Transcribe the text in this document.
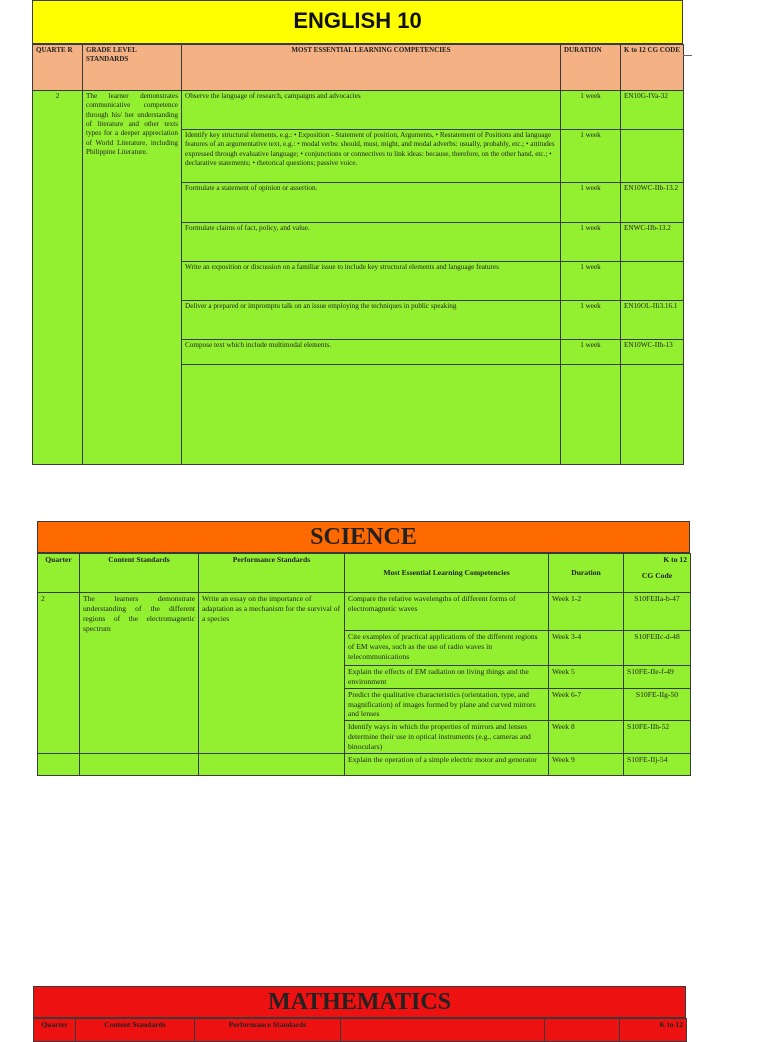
ENGLISH 10
QUARTE R	GRADE LEVEL STANDARDS	MOST ESSENTIAL LEARNING COMPETENCIES	DURATION	K to 12 CG CODE
2	The learner demonstrates communicative competence through his/ her understanding of literature and other texts types for a deeper appreciation of World Literature, including Philippine Literature.	Observe the language of research, campaigns and advocacies	1 week	EN10G-IVa-32
		Identify key structural elements, e.g.: • Exposition - Statement of position, Arguments, • Restatement of Positions and language features of an argumentative text, e.g.: • modal verbs: should, must, might, and modal adverbs: usually, probably, etc.; • attitudes expressed through evaluative language; • conjunctions or connectives to link ideas: because, therefore, on the other hand, etc.; • declarative statements; • rhetorical questions; passive voice.	1 week	
		Formulate a statement of opinion or assertion.	1 week	EN10WC-IIb-13.2
		Formulate claims of fact, policy, and value.	1 week	ENWC-IIb-13.2
		Write an exposition or discussion on a familiar issue to include key structural elements and language features	1 week	
		Deliver a prepared or impromptu talk on an issue employing the techniques in public speaking	1 week	EN10OL-IIi3.16.1
		Compose text which include multimodal elements.	1 week	EN10WC-IIh-13

SCIENCE
Quarter	Content Standards	Performance Standards	Most Essential Learning Competencies	Duration	K to 12
CG Code

2	The learners demonstrate understanding of the different regions of the electromagnetic spectrum	Write an essay on the importance of adaptation as a mechanism for the survival of a species	Compare the relative wavelengths of different forms of electromagnetic waves	Week 1-2	S10FEIIa-b-47
			Cite examples of practical applications of the different regions of EM waves, such as the use of radio waves in telecommunications	Week 3-4	S10FEIIc-d-48
			Explain the effects of EM radiation on living things and the environment	Week 5	S10FE-IIe-f-49
			Predict the qualitative characteristics (orientation, type, and magnification) of images formed by plane and curved mirrors and lenses	Week 6-7	S10FE-IIg-50
			Identify ways in which the properties of mirrors and lenses determine their use in optical instruments (e.g., cameras and binoculars)	Week 8	S10FE-IIh-52
			Explain the operation of a simple electric motor and generator	Week 9	S10FE-IIj-54
MATHEMATICS
Quarter	Content Standards	Performance Standards			K to 12
